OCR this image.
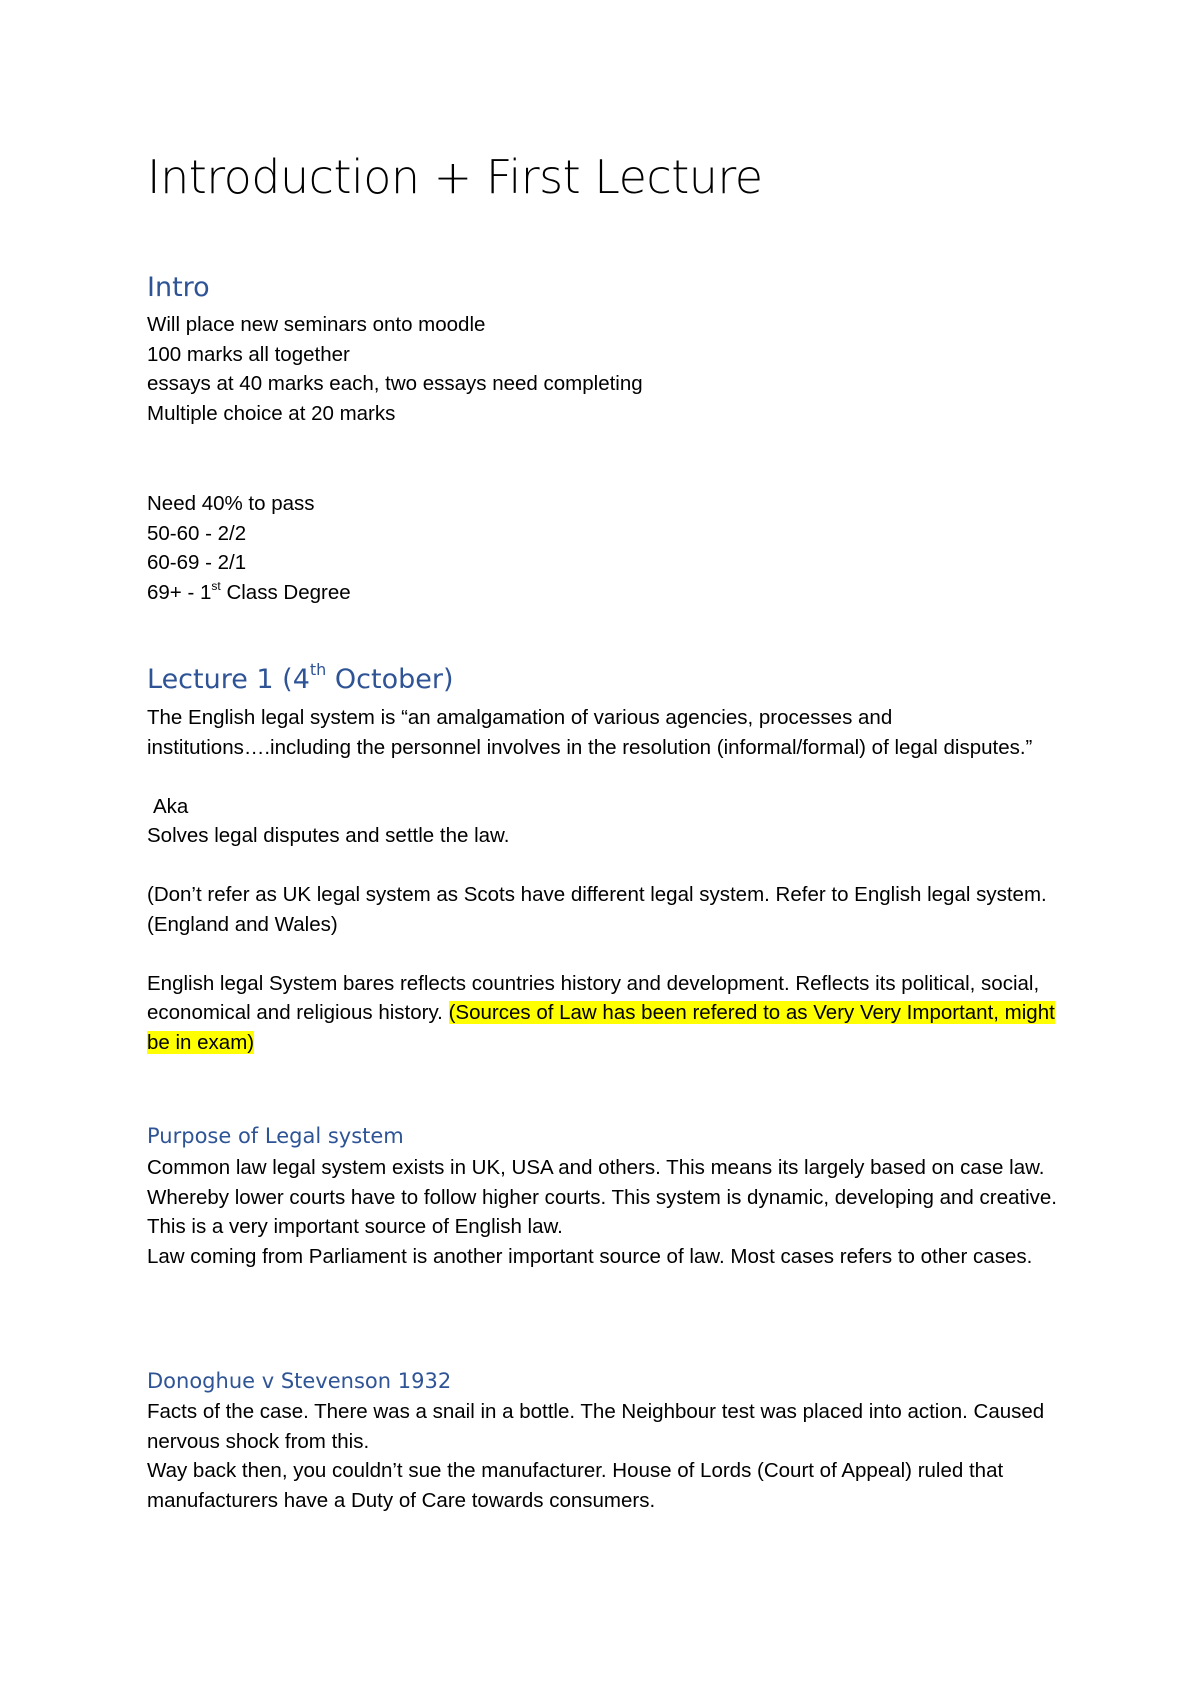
Introduction + First Lecture
Intro
Will place new seminars onto moodle
100 marks all together
essays at 40 marks each, two essays need completing
Multiple choice at 20 marks
Need 40% to pass
50-60 - 2/2
60-69 - 2/1
69+ - 1st Class Degree
Lecture 1 (4th October)

The English legal system is “an amalgamation of various agencies, processes and institutions….including the personnel involves in the resolution (informal/formal) of legal disputes.”

Aka

Solves legal disputes and settle the law.

(Don’t refer as UK legal system as Scots have different legal system. Refer to English legal system. (England and Wales)

English legal System bares reflects countries history and development. Reflects its political, social, economical and religious history. (Sources of Law has been refered to as Very Very Important, might be in exam)

Purpose of Legal system

Common law legal system exists in UK, USA and others. This means its largely based on case law. Whereby lower courts have to follow higher courts. This system is dynamic, developing and creative. This is a very important source of English law.

Law coming from Parliament is another important source of law. Most cases refers to other cases.

Donoghue v Stevenson 1932

Facts of the case. There was a snail in a bottle. The Neighbour test was placed into action. Caused nervous shock from this.

Way back then, you couldn’t sue the manufacturer. House of Lords (Court of Appeal) ruled that manufacturers have a Duty of Care towards consumers.
